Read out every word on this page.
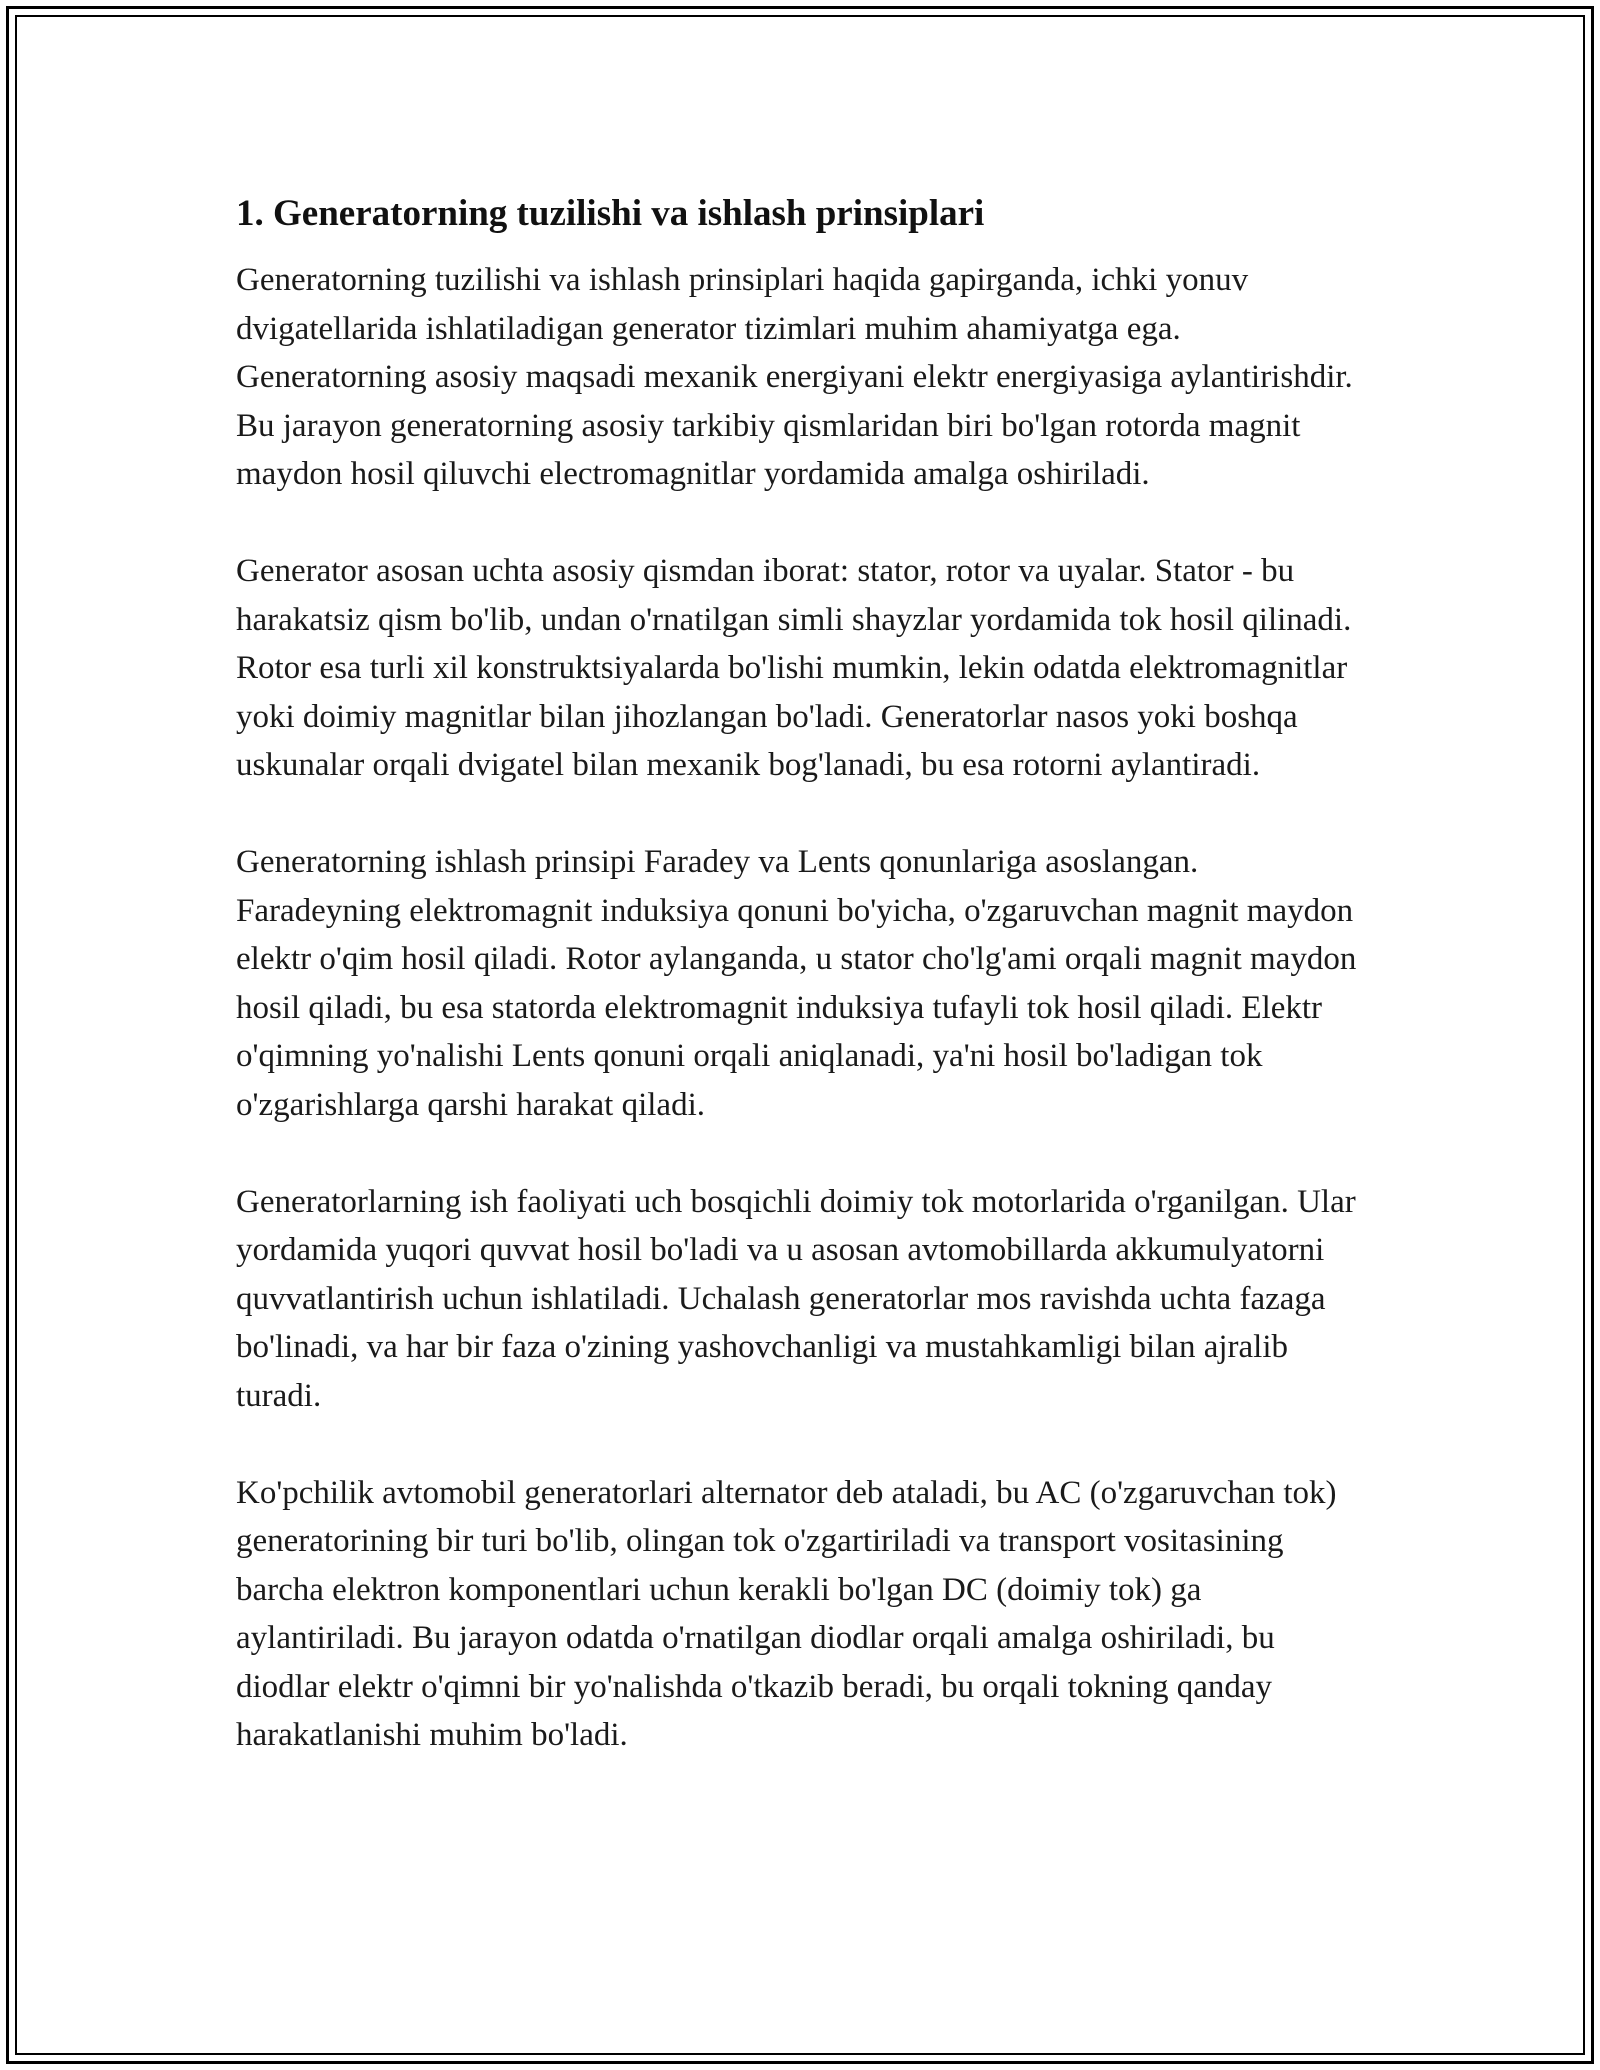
1. Generatorning tuzilishi va ishlash prinsiplari

Generatorning tuzilishi va ishlash prinsiplari haqida gapirganda, ichki yonuv dvigatellarida ishlatiladigan generator tizimlari muhim ahamiyatga ega. Generatorning asosiy maqsadi mexanik energiyani elektr energiyasiga aylantirishdir. Bu jarayon generatorning asosiy tarkibiy qismlaridan biri bo'lgan rotorda magnit maydon hosil qiluvchi electromagnitlar yordamida amalga oshiriladi.

Generator asosan uchta asosiy qismdan iborat: stator, rotor va uyalar. Stator - bu harakatsiz qism bo'lib, undan o'rnatilgan simli shayzlar yordamida tok hosil qilinadi. Rotor esa turli xil konstruktsiyalarda bo'lishi mumkin, lekin odatda elektromagnitlar yoki doimiy magnitlar bilan jihozlangan bo'ladi. Generatorlar nasos yoki boshqa uskunalar orqali dvigatel bilan mexanik bog'lanadi, bu esa rotorni aylantiradi.

Generatorning ishlash prinsipi Faradey va Lents qonunlariga asoslangan. Faradeyning elektromagnit induksiya qonuni bo'yicha, o'zgaruvchan magnit maydon elektr o'qim hosil qiladi. Rotor aylanganda, u stator cho'lg'ami orqali magnit maydon hosil qiladi, bu esa statorda elektromagnit induksiya tufayli tok hosil qiladi. Elektr o'qimning yo'nalishi Lents qonuni orqali aniqlanadi, ya'ni hosil bo'ladigan tok o'zgarishlarga qarshi harakat qiladi.

Generatorlarning ish faoliyati uch bosqichli doimiy tok motorlarida o'rganilgan. Ular yordamida yuqori quvvat hosil bo'ladi va u asosan avtomobillarda akkumulyatorni quvvatlantirish uchun ishlatiladi. Uchalash generatorlar mos ravishda uchta fazaga bo'linadi, va har bir faza o'zining yashovchanligi va mustahkamligi bilan ajralib turadi.

Ko'pchilik avtomobil generatorlari alternator deb ataladi, bu AC (o'zgaruvchan tok) generatorining bir turi bo'lib, olingan tok o'zgartiriladi va transport vositasining barcha elektron komponentlari uchun kerakli bo'lgan DC (doimiy tok) ga aylantiriladi. Bu jarayon odatda o'rnatilgan diodlar orqali amalga oshiriladi, bu diodlar elektr o'qimni bir yo'nalishda o'tkazib beradi, bu orqali tokning qanday harakatlanishi muhim bo'ladi.
